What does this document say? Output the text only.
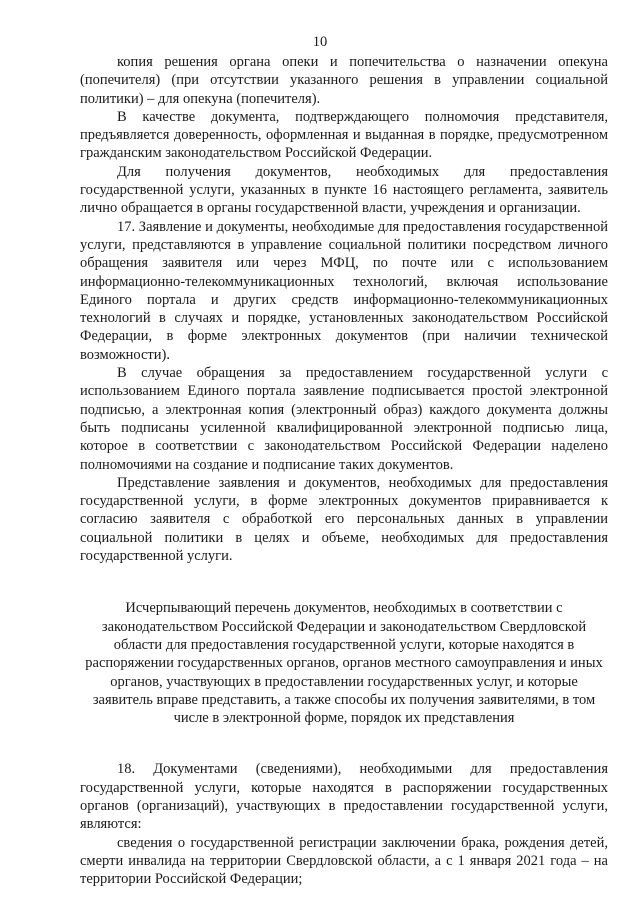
10

копия решения органа опеки и попечительства о назначении опекуна (попечителя) (при отсутствии указанного решения в управлении социальной политики) – для опекуна (попечителя).

В качестве документа, подтверждающего полномочия представителя, предъявляется доверенность, оформленная и выданная в порядке, предусмотренном гражданским законодательством Российской Федерации.

Для получения документов, необходимых для предоставления государственной услуги, указанных в пункте 16 настоящего регламента, заявитель лично обращается в органы государственной власти, учреждения и организации.

17. Заявление и документы, необходимые для предоставления государственной услуги, представляются в управление социальной политики посредством личного обращения заявителя или через МФЦ, по почте или с использованием информационно-телекоммуникационных технологий, включая использование Единого портала и других средств информационно-телекоммуникационных технологий в случаях и порядке, установленных законодательством Российской Федерации, в форме электронных документов (при наличии технической возможности).

В случае обращения за предоставлением государственной услуги с использованием Единого портала заявление подписывается простой электронной подписью, а электронная копия (электронный образ) каждого документа должны быть подписаны усиленной квалифицированной электронной подписью лица, которое в соответствии с законодательством Российской Федерации наделено полномочиями на создание и подписание таких документов.

Представление заявления и документов, необходимых для предоставления государственной услуги, в форме электронных документов приравнивается к согласию заявителя с обработкой его персональных данных в управлении социальной политики в целях и объеме, необходимых для предоставления государственной услуги.

Исчерпывающий перечень документов, необходимых в соответствии с законодательством Российской Федерации и законодательством Свердловской области для предоставления государственной услуги, которые находятся в распоряжении государственных органов, органов местного самоуправления и иных органов, участвующих в предоставлении государственных услуг, и которые заявитель вправе представить, а также способы их получения заявителями, в том числе в электронной форме, порядок их представления

18. Документами (сведениями), необходимыми для предоставления государственной услуги, которые находятся в распоряжении государственных органов (организаций), участвующих в предоставлении государственной услуги, являются:

сведения о государственной регистрации заключении брака, рождения детей, смерти инвалида на территории Свердловской области, а с 1 января 2021 года – на территории Российской Федерации;
